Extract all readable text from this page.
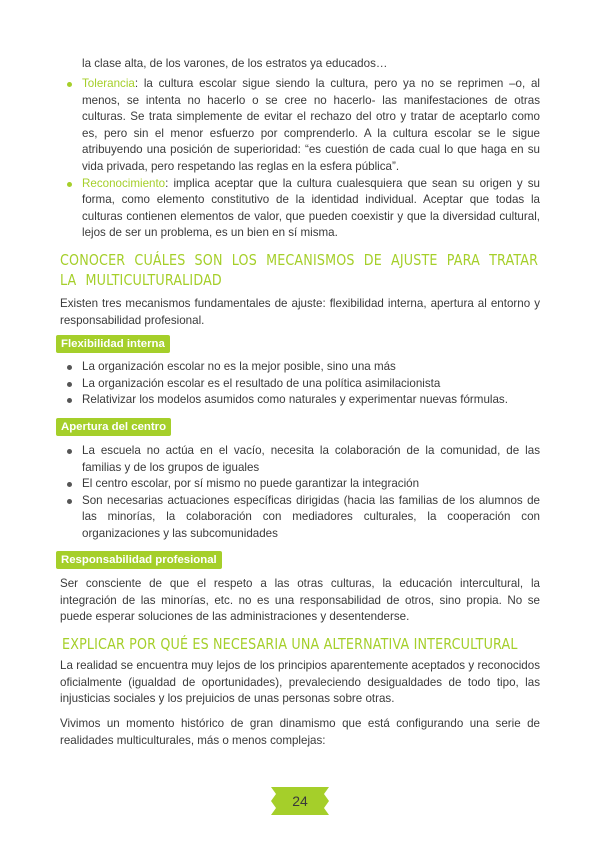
la clase alta, de los varones, de los estratos ya educados…
Tolerancia: la cultura escolar sigue siendo la cultura, pero ya no se reprimen –o, al menos, se intenta no hacerlo o se cree no hacerlo- las manifestaciones de otras culturas. Se trata simplemente de evitar el rechazo del otro y tratar de aceptarlo como es, pero sin el menor esfuerzo por comprenderlo. A la cultura escolar se le sigue atribuyendo una posición de superioridad: “es cuestión de cada cual lo que haga en su vida privada, pero respetando las reglas en la esfera pública”.
Reconocimiento: implica aceptar que la cultura cualesquiera que sean su origen y su forma, como elemento constitutivo de la identidad individual. Aceptar que todas la culturas contienen elementos de valor, que pueden coexistir y que la diversidad cultural, lejos de ser un problema, es un bien en sí misma.
CONOCER CUÁLES SON LOS MECANISMOS DE AJUSTE PARA TRATAR LA MULTICULTURALIDAD
Existen tres mecanismos fundamentales de ajuste: flexibilidad interna, apertura al entorno y responsabilidad profesional.
Flexibilidad interna
La organización escolar no es la mejor posible, sino una más
La organización escolar es el resultado de una política asimilacionista
Relativizar los modelos asumidos como naturales y experimentar nuevas fórmulas.
Apertura del centro
La escuela no actúa en el vacío, necesita la colaboración de la comunidad, de las familias y de los grupos de iguales
El centro escolar, por sí mismo no puede garantizar la integración
Son necesarias actuaciones específicas dirigidas (hacia las familias de los alumnos de las minorías, la colaboración con mediadores culturales, la cooperación con organizaciones y las subcomunidades
Responsabilidad profesional
Ser consciente de que el respeto a las otras culturas, la educación intercultural, la integración de las minorías, etc. no es una responsabilidad de otros, sino propia. No se puede esperar soluciones de las administraciones y desentenderse.
EXPLICAR POR QUÉ ES NECESARIA UNA ALTERNATIVA INTERCULTURAL
La realidad se encuentra muy lejos de los principios aparentemente aceptados y reconocidos oficialmente (igualdad de oportunidades), prevaleciendo desigualdades de todo tipo, las injusticias sociales y los prejuicios de unas personas sobre otras.
Vivimos un momento histórico de gran dinamismo que está configurando una serie de realidades multiculturales, más o menos complejas:
24
